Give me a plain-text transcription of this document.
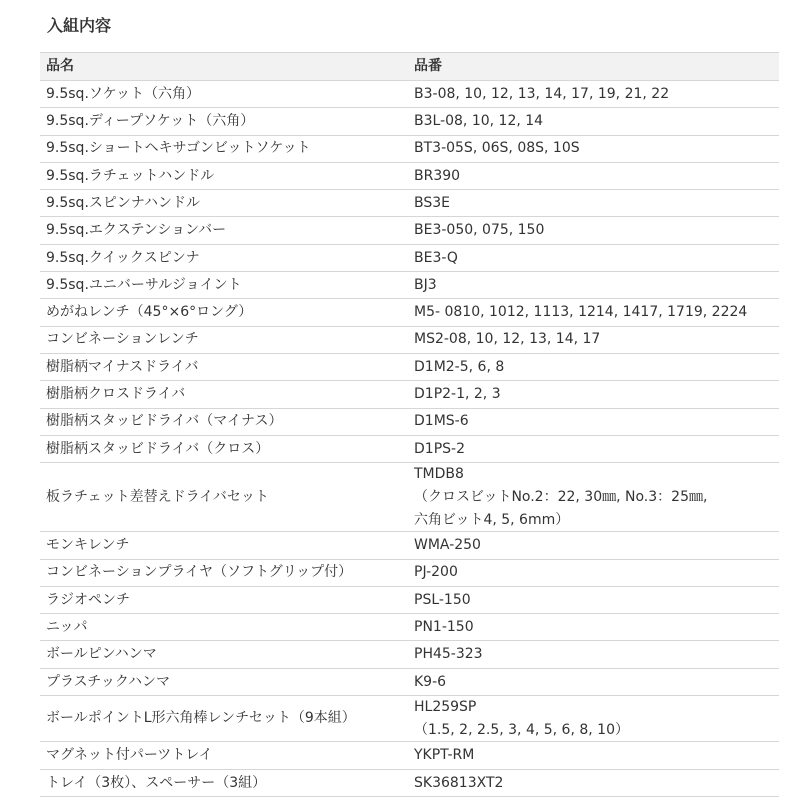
入組内容
品名	品番
9.5sq.ソケット（六角）	B3-08, 10, 12, 13, 14, 17, 19, 21, 22

9.5sq.ディープソケット（六角）	B3L-08, 10, 12, 14

9.5sq.ショートヘキサゴンビットソケット	BT3-05S, 06S, 08S, 10S

9.5sq.ラチェットハンドル	BR390

9.5sq.スピンナハンドル	BS3E

9.5sq.エクステンションバー	BE3-050, 075, 150

9.5sq.クイックスピンナ	BE3-Q

9.5sq.ユニバーサルジョイント	BJ3

めがねレンチ（45°×6°ロング）	M5- 0810, 1012, 1113, 1214, 1417, 1719, 2224

コンビネーションレンチ	MS2-08, 10, 12, 13, 14, 17

樹脂柄マイナスドライバ	D1M2-5, 6, 8

樹脂柄クロスドライバ	D1P2-1, 2, 3

樹脂柄スタッビドライバ（マイナス）	D1MS-6

樹脂柄スタッビドライバ（クロス）	D1PS-2

板ラチェット差替えドライバセット	TMDB8
（クロスビットNo.2：22, 30㎜, No.3：25㎜,
六角ビット4, 5, 6mm）

モンキレンチ	WMA-250

コンビネーションプライヤ（ソフトグリップ付）	PJ-200

ラジオペンチ	PSL-150

ニッパ	PN1-150

ボールピンハンマ	PH45-323

プラスチックハンマ	K9-6

ボールポイントL形六角棒レンチセット（9本組）	HL259SP
（1.5, 2, 2.5, 3, 4, 5, 6, 8, 10）

マグネット付パーツトレイ	YKPT-RM

トレイ（3枚）、スペーサー（3組）	SK36813XT2
